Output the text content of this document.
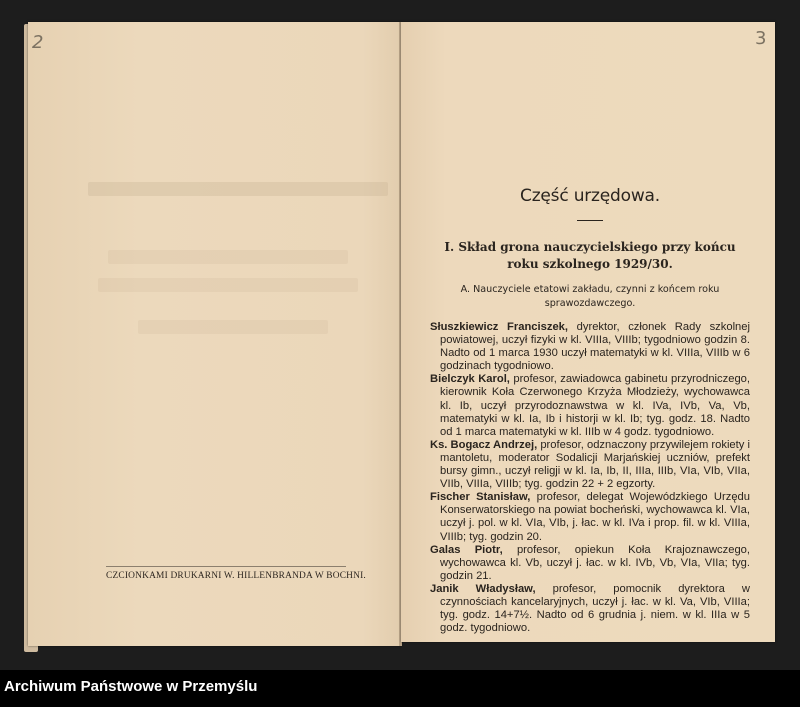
2
CZCIONKAMI DRUKARNI W. HILLENBRANDA W BOCHNI.
3
Część urzędowa.
I. Skład grona nauczycielskiego przy końcu roku szkolnego 1929/30.
A. Nauczyciele etatowi zakładu, czynni z końcem roku sprawozdawczego.

Słuszkiewicz Franciszek, dyrektor, członek Rady szkolnej powiatowej, uczył fizyki w kl. VIIIa, VIIIb; tygodniowo godzin 8. Nadto od 1 marca 1930 uczył matematyki w kl. VIIIa, VIIIb w 6 godzinach tygodniowo.

Bielczyk Karol, profesor, zawiadowca gabinetu przyrodniczego, kierownik Koła Czerwonego Krzyża Młodzieży, wychowawca kl. Ib, uczył przyrodoznawstwa w kl. IVa, IVb, Va, Vb, matematyki w kl. Ia, Ib i historji w kl. Ib; tyg. godz. 18. Nadto od 1 marca matematyki w kl. IIIb w 4 godz. tygodniowo.

Ks. Bogacz Andrzej, profesor, odznaczony przywilejem rokiety i mantoletu, moderator Sodalicji Marjańskiej uczniów, prefekt bursy gimn., uczył religji w kl. Ia, Ib, II, IIIa, IIIb, VIa, VIb, VIIa, VIIb, VIIIa, VIIIb; tyg. godzin 22 + 2 egzorty.

Fischer Stanisław, profesor, delegat Wojewódzkiego Urzędu Konserwatorskiego na powiat bocheński, wychowawca kl. VIa, uczył j. pol. w kl. VIa, VIb, j. łac. w kl. IVa i prop. fil. w kl. VIIIa, VIIIb; tyg. godzin 20.

Galas Piotr, profesor, opiekun Koła Krajoznawczego, wychowawca kl. Vb, uczył j. łac. w kl. IVb, Vb, VIa, VIIa; tyg. godzin 21.

Janik Władysław, profesor, pomocnik dyrektora w czynnościach kancelaryjnych, uczył j. łac. w kl. Va, VIb, VIIIa; tyg. godz. 14+7½. Nadto od 6 grudnia j. niem. w kl. IIIa w 5 godz. tygodniowo.

Archiwum Państwowe w Przemyślu
